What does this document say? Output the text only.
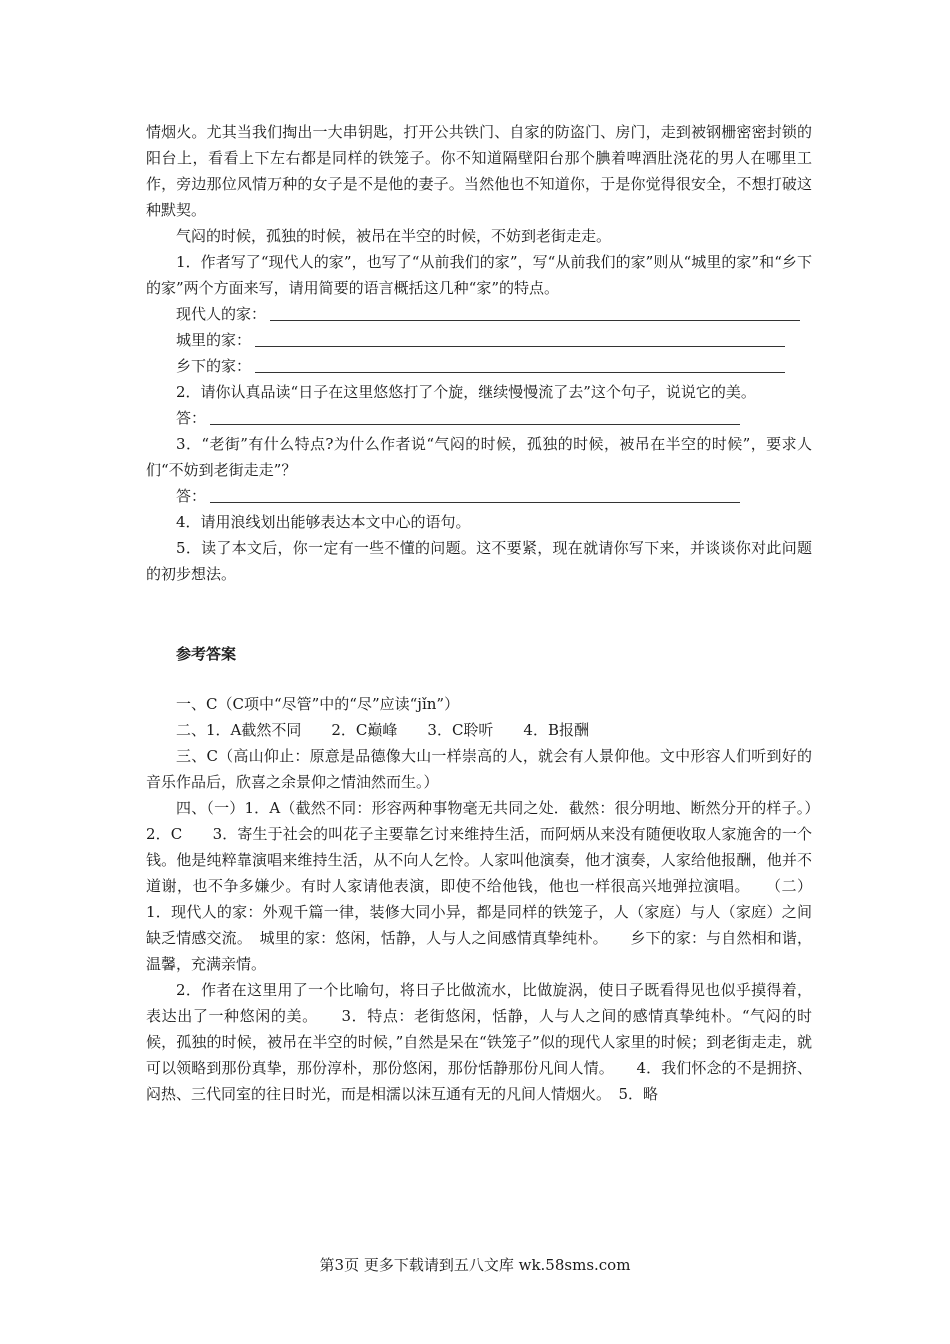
情烟火。尤其当我们掏出一大串钥匙，打开公共铁门、自家的防盗门、房门，走到被钢栅密密封锁的阳台上，看看上下左右都是同样的铁笼子。你不知道隔壁阳台那个腆着啤酒肚浇花的男人在哪里工作，旁边那位风情万种的女子是不是他的妻子。当然他也不知道你，于是你觉得很安全，不想打破这种默契。

气闷的时候，孤独的时候，被吊在半空的时候，不妨到老街走走。

1．作者写了“现代人的家”，也写了“从前我们的家”，写“从前我们的家”则从“城里的家”和“乡下的家”两个方面来写，请用简要的语言概括这几种“家”的特点。

现代人的家：
城里的家：
乡下的家：

2．请你认真品读“日子在这里悠悠打了个旋，继续慢慢流了去”这个句子，说说它的美。

答：

3．“老街”有什么特点?为什么作者说“气闷的时候，孤独的时候，被吊在半空的时候”，要求人们“不妨到老街走走”？

答：

4．请用浪线划出能够表达本文中心的语句。

5．读了本文后，你一定有一些不懂的问题。这不要紧，现在就请你写下来，并谈谈你对此问题的初步想法。

参考答案

一、C（C项中“尽管”中的“尽”应读“jǐn”）

二、1．A截然不同　　2．C巅峰　　3．C聆听　　4．B报酬

三、C（高山仰止：原意是品德像大山一样崇高的人，就会有人景仰他。文中形容人们听到好的音乐作品后，欣喜之余景仰之情油然而生。）

四、（一）1．A（截然不同：形容两种事物毫无共同之处．截然：很分明地、断然分开的样子。）　　2．C　　3．寄生于社会的叫花子主要靠乞讨来维持生活，而阿炳从来没有随便收取人家施舍的一个钱。他是纯粹靠演唱来维持生活，从不向人乞怜。人家叫他演奏，他才演奏，人家给他报酬，他并不道谢，也不争多嫌少。有时人家请他表演，即使不给他钱，他也一样很高兴地弹拉演唱。　　（二）1．现代人的家：外观千篇一律，装修大同小异，都是同样的铁笼子，人（家庭）与人（家庭）之间缺乏情感交流。　城里的家：悠闲，恬静，人与人之间感情真挚纯朴。　　乡下的家：与自然相和谐，温馨，充满亲情。

2．作者在这里用了一个比喻句，将日子比做流水，比做旋涡，使日子既看得见也似乎摸得着，表达出了一种悠闲的美。　　3．特点：老街悠闲，恬静，人与人之间的感情真挚纯朴。“气闷的时候，孤独的时候，被吊在半空的时候，”自然是呆在“铁笼子”似的现代人家里的时候；到老街走走，就可以领略到那份真挚，那份淳朴，那份悠闲，那份恬静那份凡间人情。　　4．我们怀念的不是拥挤、闷热、三代同室的往日时光，而是相濡以沫互通有无的凡间人情烟火。　5．略

第3页 更多下载请到五八文库 wk.58sms.com
